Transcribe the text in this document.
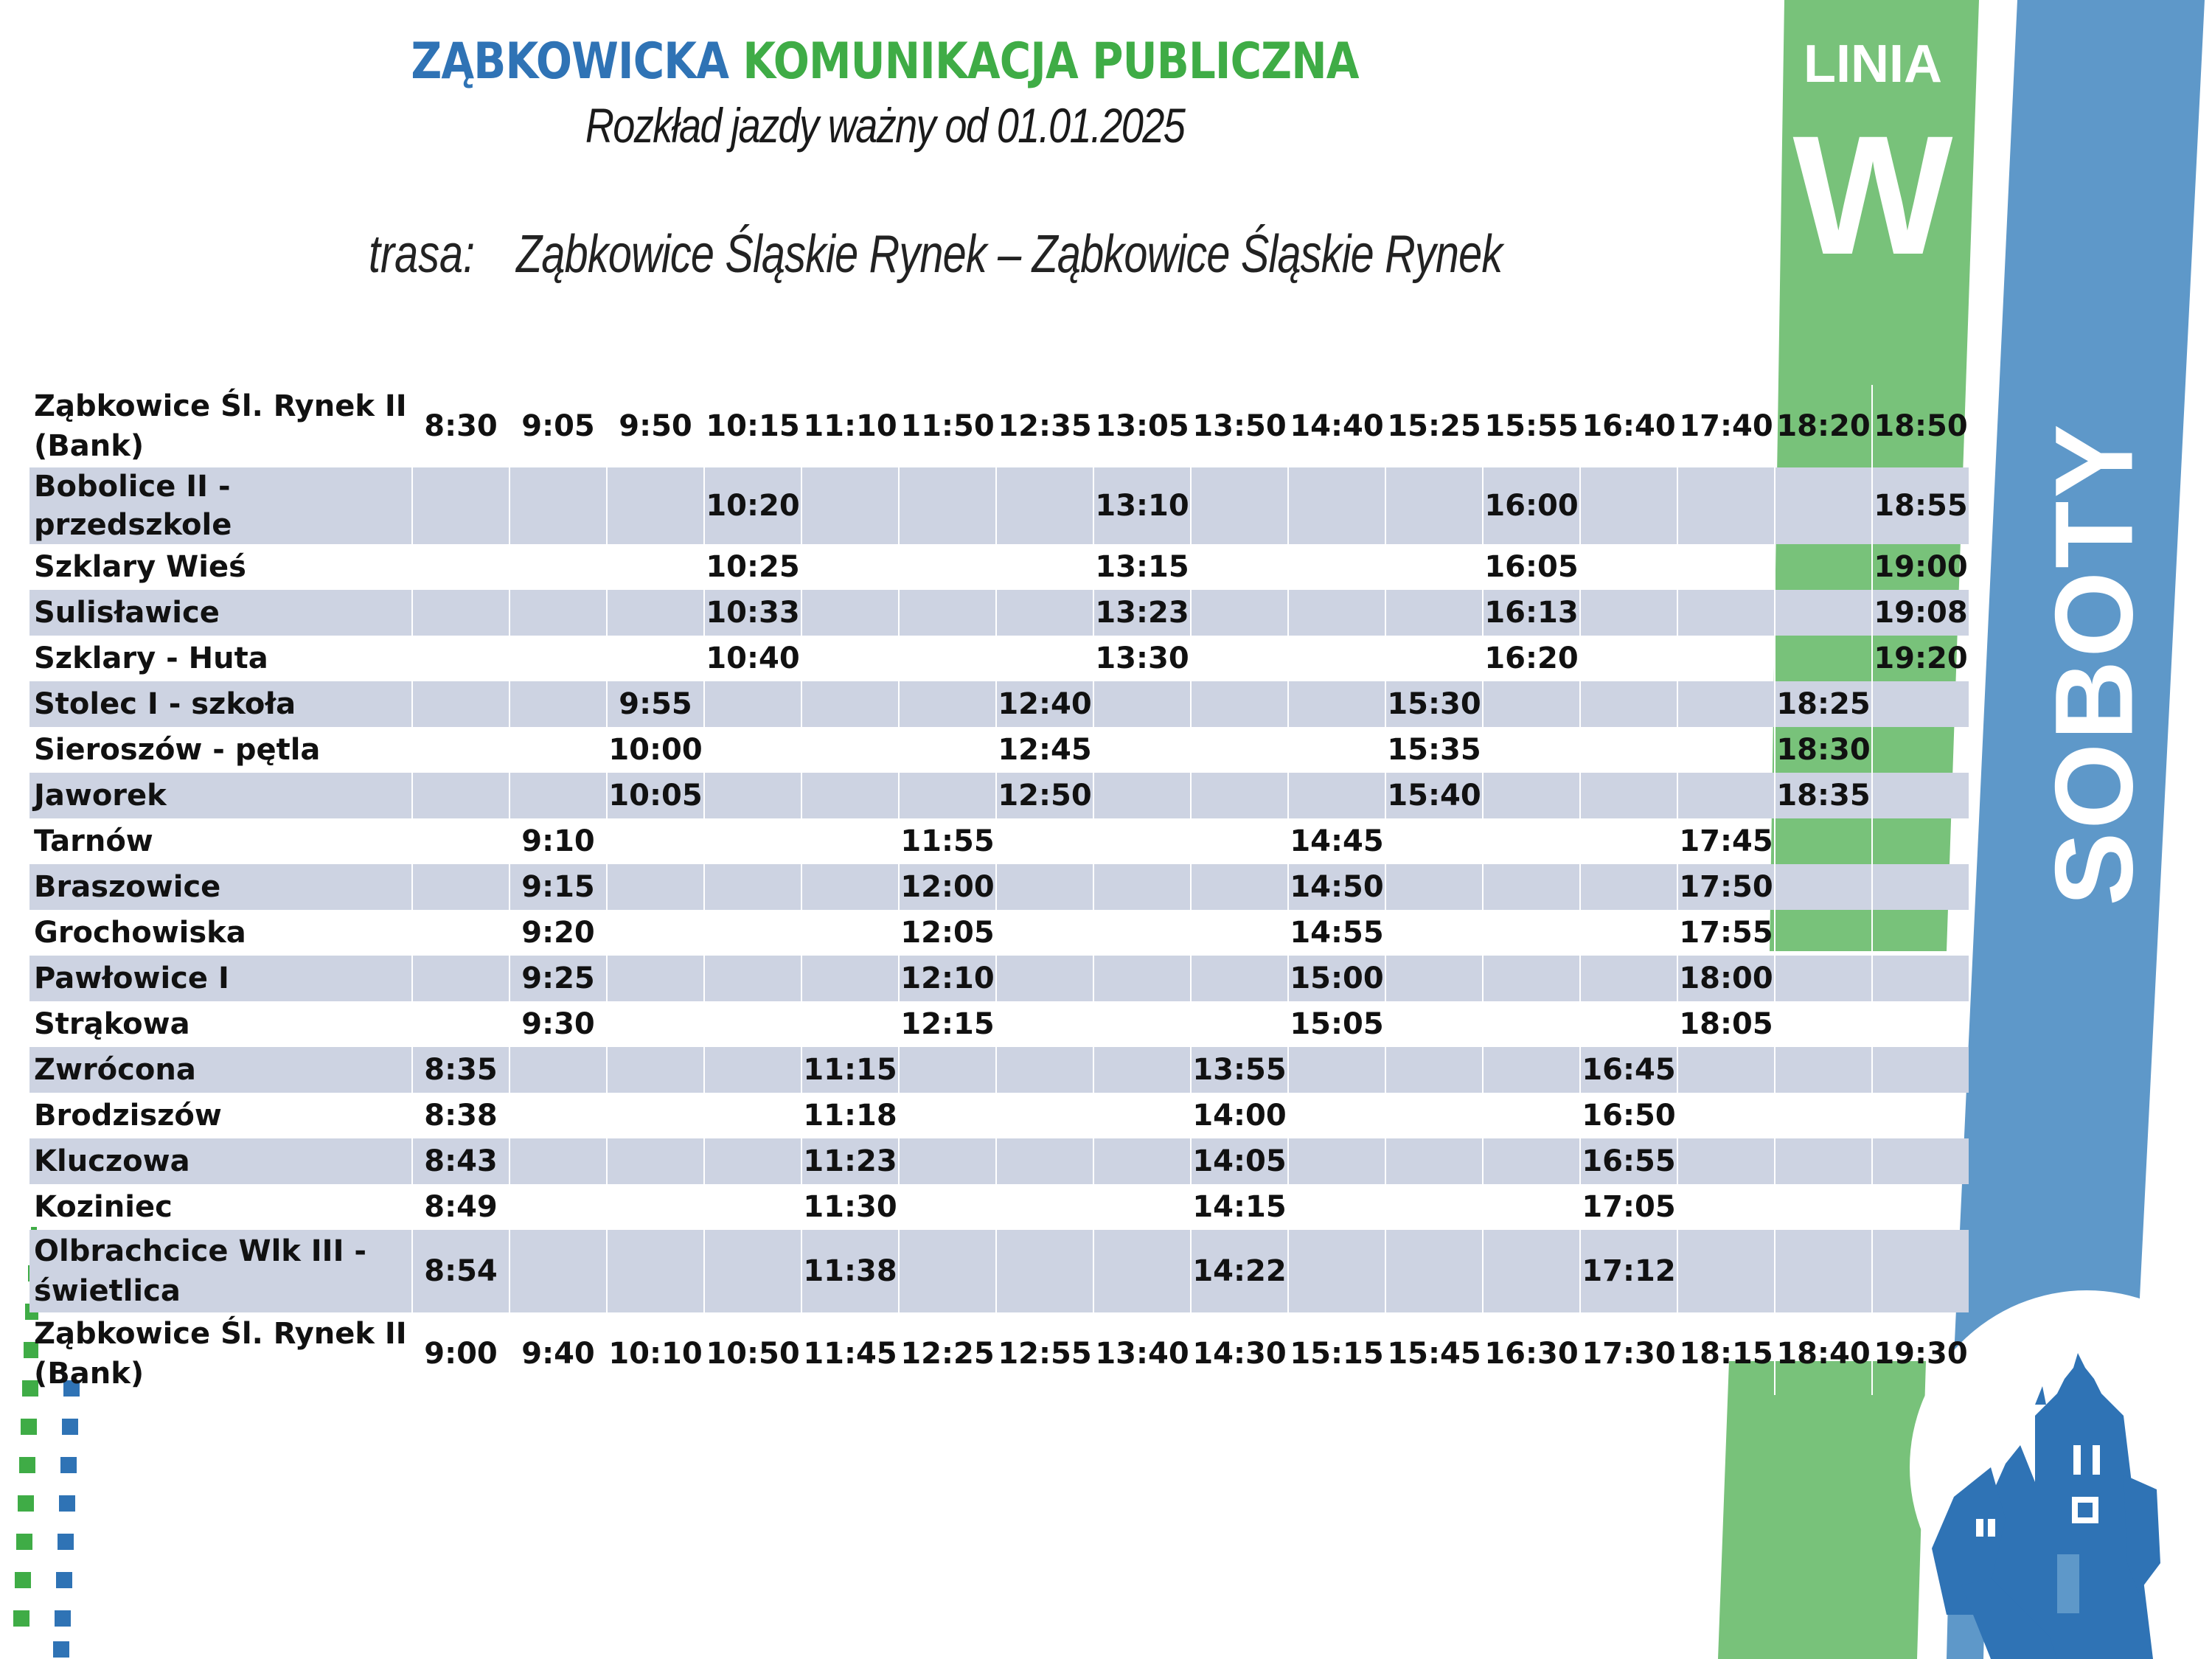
ZĄBKOWICKA KOMUNIKACJA PUBLICZNA
Rozkład jazdy ważny od 01.01.2025
trasa: Ząbkowice Śląskie Rynek – Ząbkowice Śląskie Rynek
LINIA
W
SOBOTY
Ząbkowice Śl. Rynek II (Bank)	8:30	9:05	9:50	10:15	11:10	11:50	12:35	13:05	13:50	14:40	15:25	15:55	16:40	17:40	18:20	18:50
Bobolice II - przedszkole				10:20				13:10				16:00				18:55
Szklary Wieś				10:25				13:15				16:05				19:00
Sulisławice				10:33				13:23				16:13				19:08
Szklary - Huta				10:40				13:30				16:20				19:20
Stolec I - szkoła			9:55				12:40				15:30				18:25	
Sieroszów - pętla			10:00				12:45				15:35				18:30	
Jaworek			10:05				12:50				15:40				18:35	
Tarnów		9:10				11:55				14:45				17:45		
Braszowice		9:15				12:00				14:50				17:50		
Grochowiska		9:20				12:05				14:55				17:55		
Pawłowice I		9:25				12:10				15:00				18:00		
Strąkowa		9:30				12:15				15:05				18:05		
Zwrócona	8:35				11:15				13:55				16:45			
Brodziszów	8:38				11:18				14:00				16:50			
Kluczowa	8:43				11:23				14:05				16:55			
Koziniec	8:49				11:30				14:15				17:05			
Olbrachcice Wlk III - świetlica	8:54				11:38				14:22				17:12			
Ząbkowice Śl. Rynek II (Bank)	9:00	9:40	10:10	10:50	11:45	12:25	12:55	13:40	14:30	15:15	15:45	16:30	17:30	18:15	18:40	19:30
